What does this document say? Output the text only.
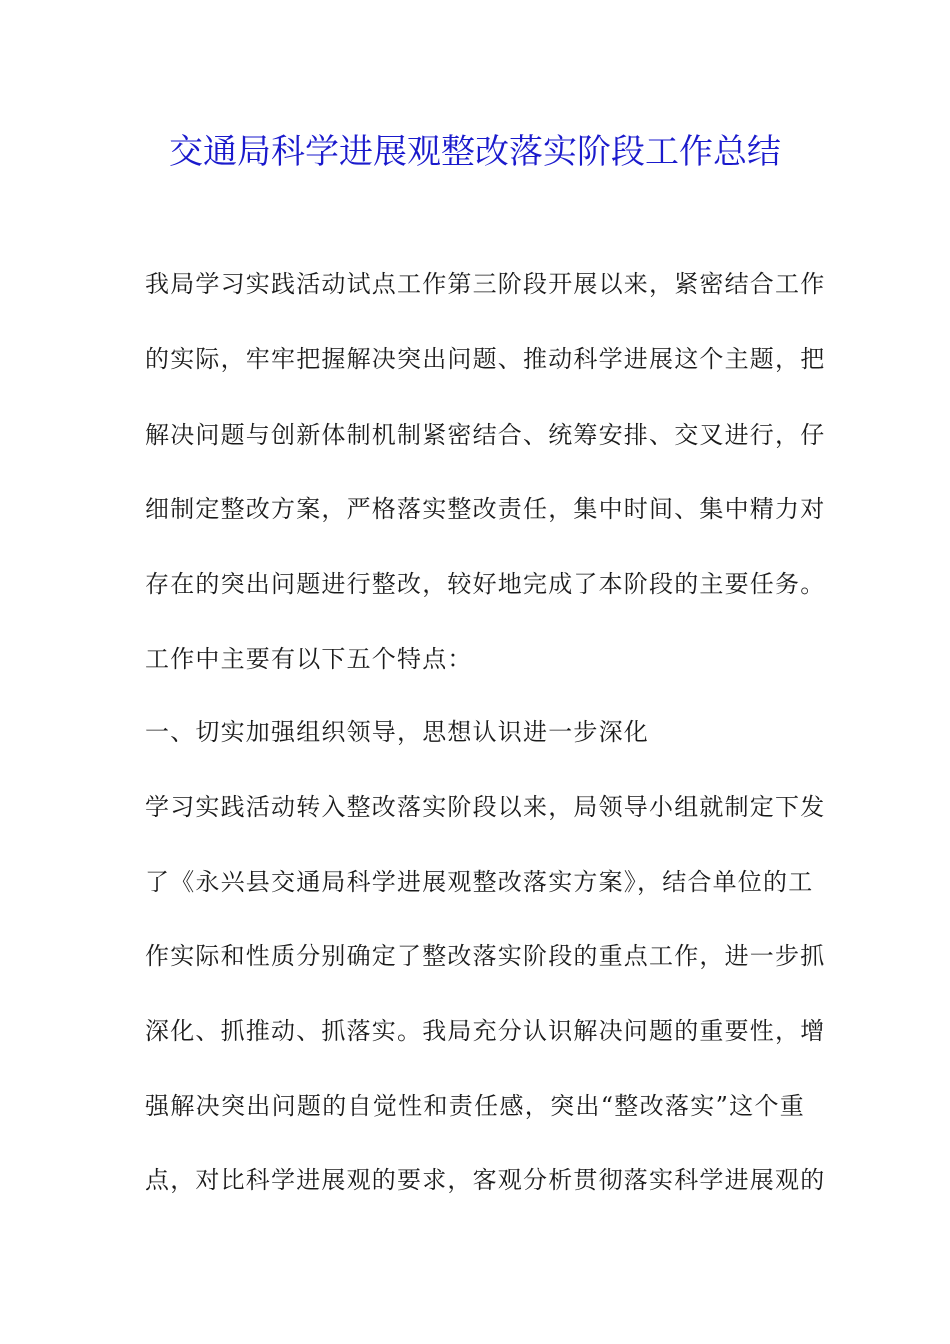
交通局科学进展观整改落实阶段工作总结
我局学习实践活动试点工作第三阶段开展以来，紧密结合工作
的实际，牢牢把握解决突出问题、推动科学进展这个主题，把
解决问题与创新体制机制紧密结合、统筹安排、交叉进行，仔
细制定整改方案，严格落实整改责任，集中时间、集中精力对
存在的突出问题进行整改，较好地完成了本阶段的主要任务。
工作中主要有以下五个特点：
一、切实加强组织领导，思想认识进一步深化
学习实践活动转入整改落实阶段以来，局领导小组就制定下发
了《永兴县交通局科学进展观整改落实方案》，结合单位的工
作实际和性质分别确定了整改落实阶段的重点工作，进一步抓
深化、抓推动、抓落实。我局充分认识解决问题的重要性，增
强解决突出问题的自觉性和责任感，突出“整改落实”这个重
点，对比科学进展观的要求，客观分析贯彻落实科学进展观的
